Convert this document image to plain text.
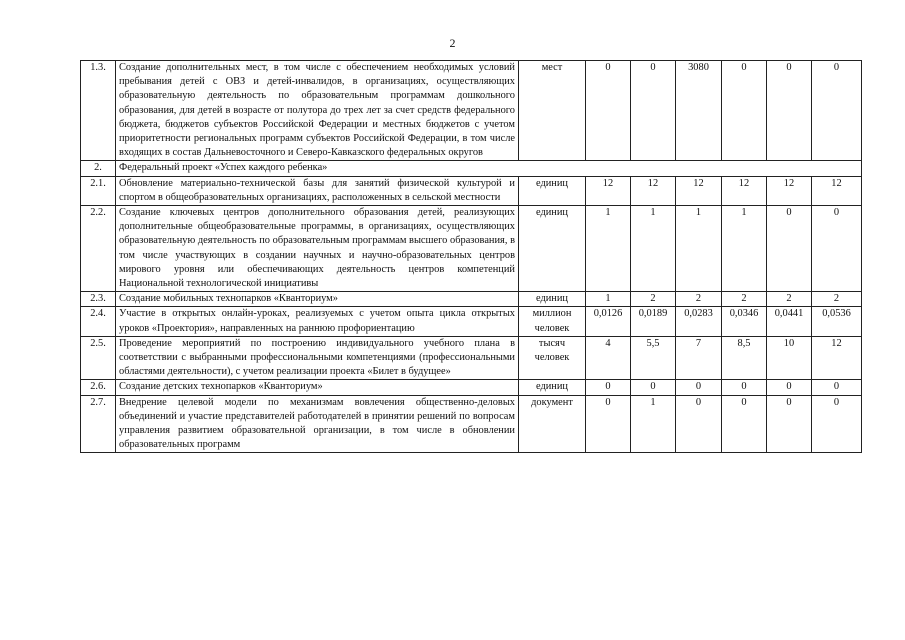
2
1.3.	Создание дополнительных мест, в том числе с обеспечением необходимых условий пребывания детей с ОВЗ и детей-инвалидов, в организациях, осуществляющих образовательную деятельность по образовательным программам дошкольного образования, для детей в возрасте от полутора до трех лет за счет средств федерального бюджета, бюджетов субъектов Российской Федерации и местных бюджетов с учетом приоритетности региональных программ субъектов Российской Федерации, в том числе входящих в состав Дальневосточного и Северо-Кавказского федеральных округов	мест	0	0	3080	0	0	0

2.	Федеральный проект «Успех каждого ребенка»							
2.1.	Обновление материально-технической базы для занятий физической культурой и спортом в общеобразовательных организациях, расположенных в сельской местности	единиц	12	12	12	12	12	12

2.2.	Создание ключевых центров дополнительного образования детей, реализующих дополнительные общеобразовательные программы, в организациях, осуществляющих образовательную деятельность по образовательным программам высшего образования, в том числе участвующих в создании научных и научно-образовательных центров мирового уровня или обеспечивающих деятельность центров компетенций Национальной технологической инициативы	единиц	1	1	1	1	0	0

2.3.	Создание мобильных технопарков «Кванториум»	единиц	1	2	2	2	2	2

2.4.	Участие в открытых онлайн-уроках, реализуемых с учетом опыта цикла открытых уроков «Проектория», направленных на раннюю профориентацию	миллион человек	0,0126	0,0189	0,0283	0,0346	0,0441	0,0536

2.5.	Проведение мероприятий по построению индивидуального учебного плана в соответствии с выбранными профессиональными компетенциями (профессиональными областями деятельности), с учетом реализации проекта «Билет в будущее»	тысяч человек	4	5,5	7	8,5	10	12

2.6.	Создание детских технопарков «Кванториум»	единиц	0	0	0	0	0	0

2.7.	Внедрение целевой модели по механизмам вовлечения общественно-деловых объединений и участие представителей работодателей в принятии решений по вопросам управления развитием образовательной организации, в том числе в обновлении образовательных программ	документ	0	1	0	0	0	0
